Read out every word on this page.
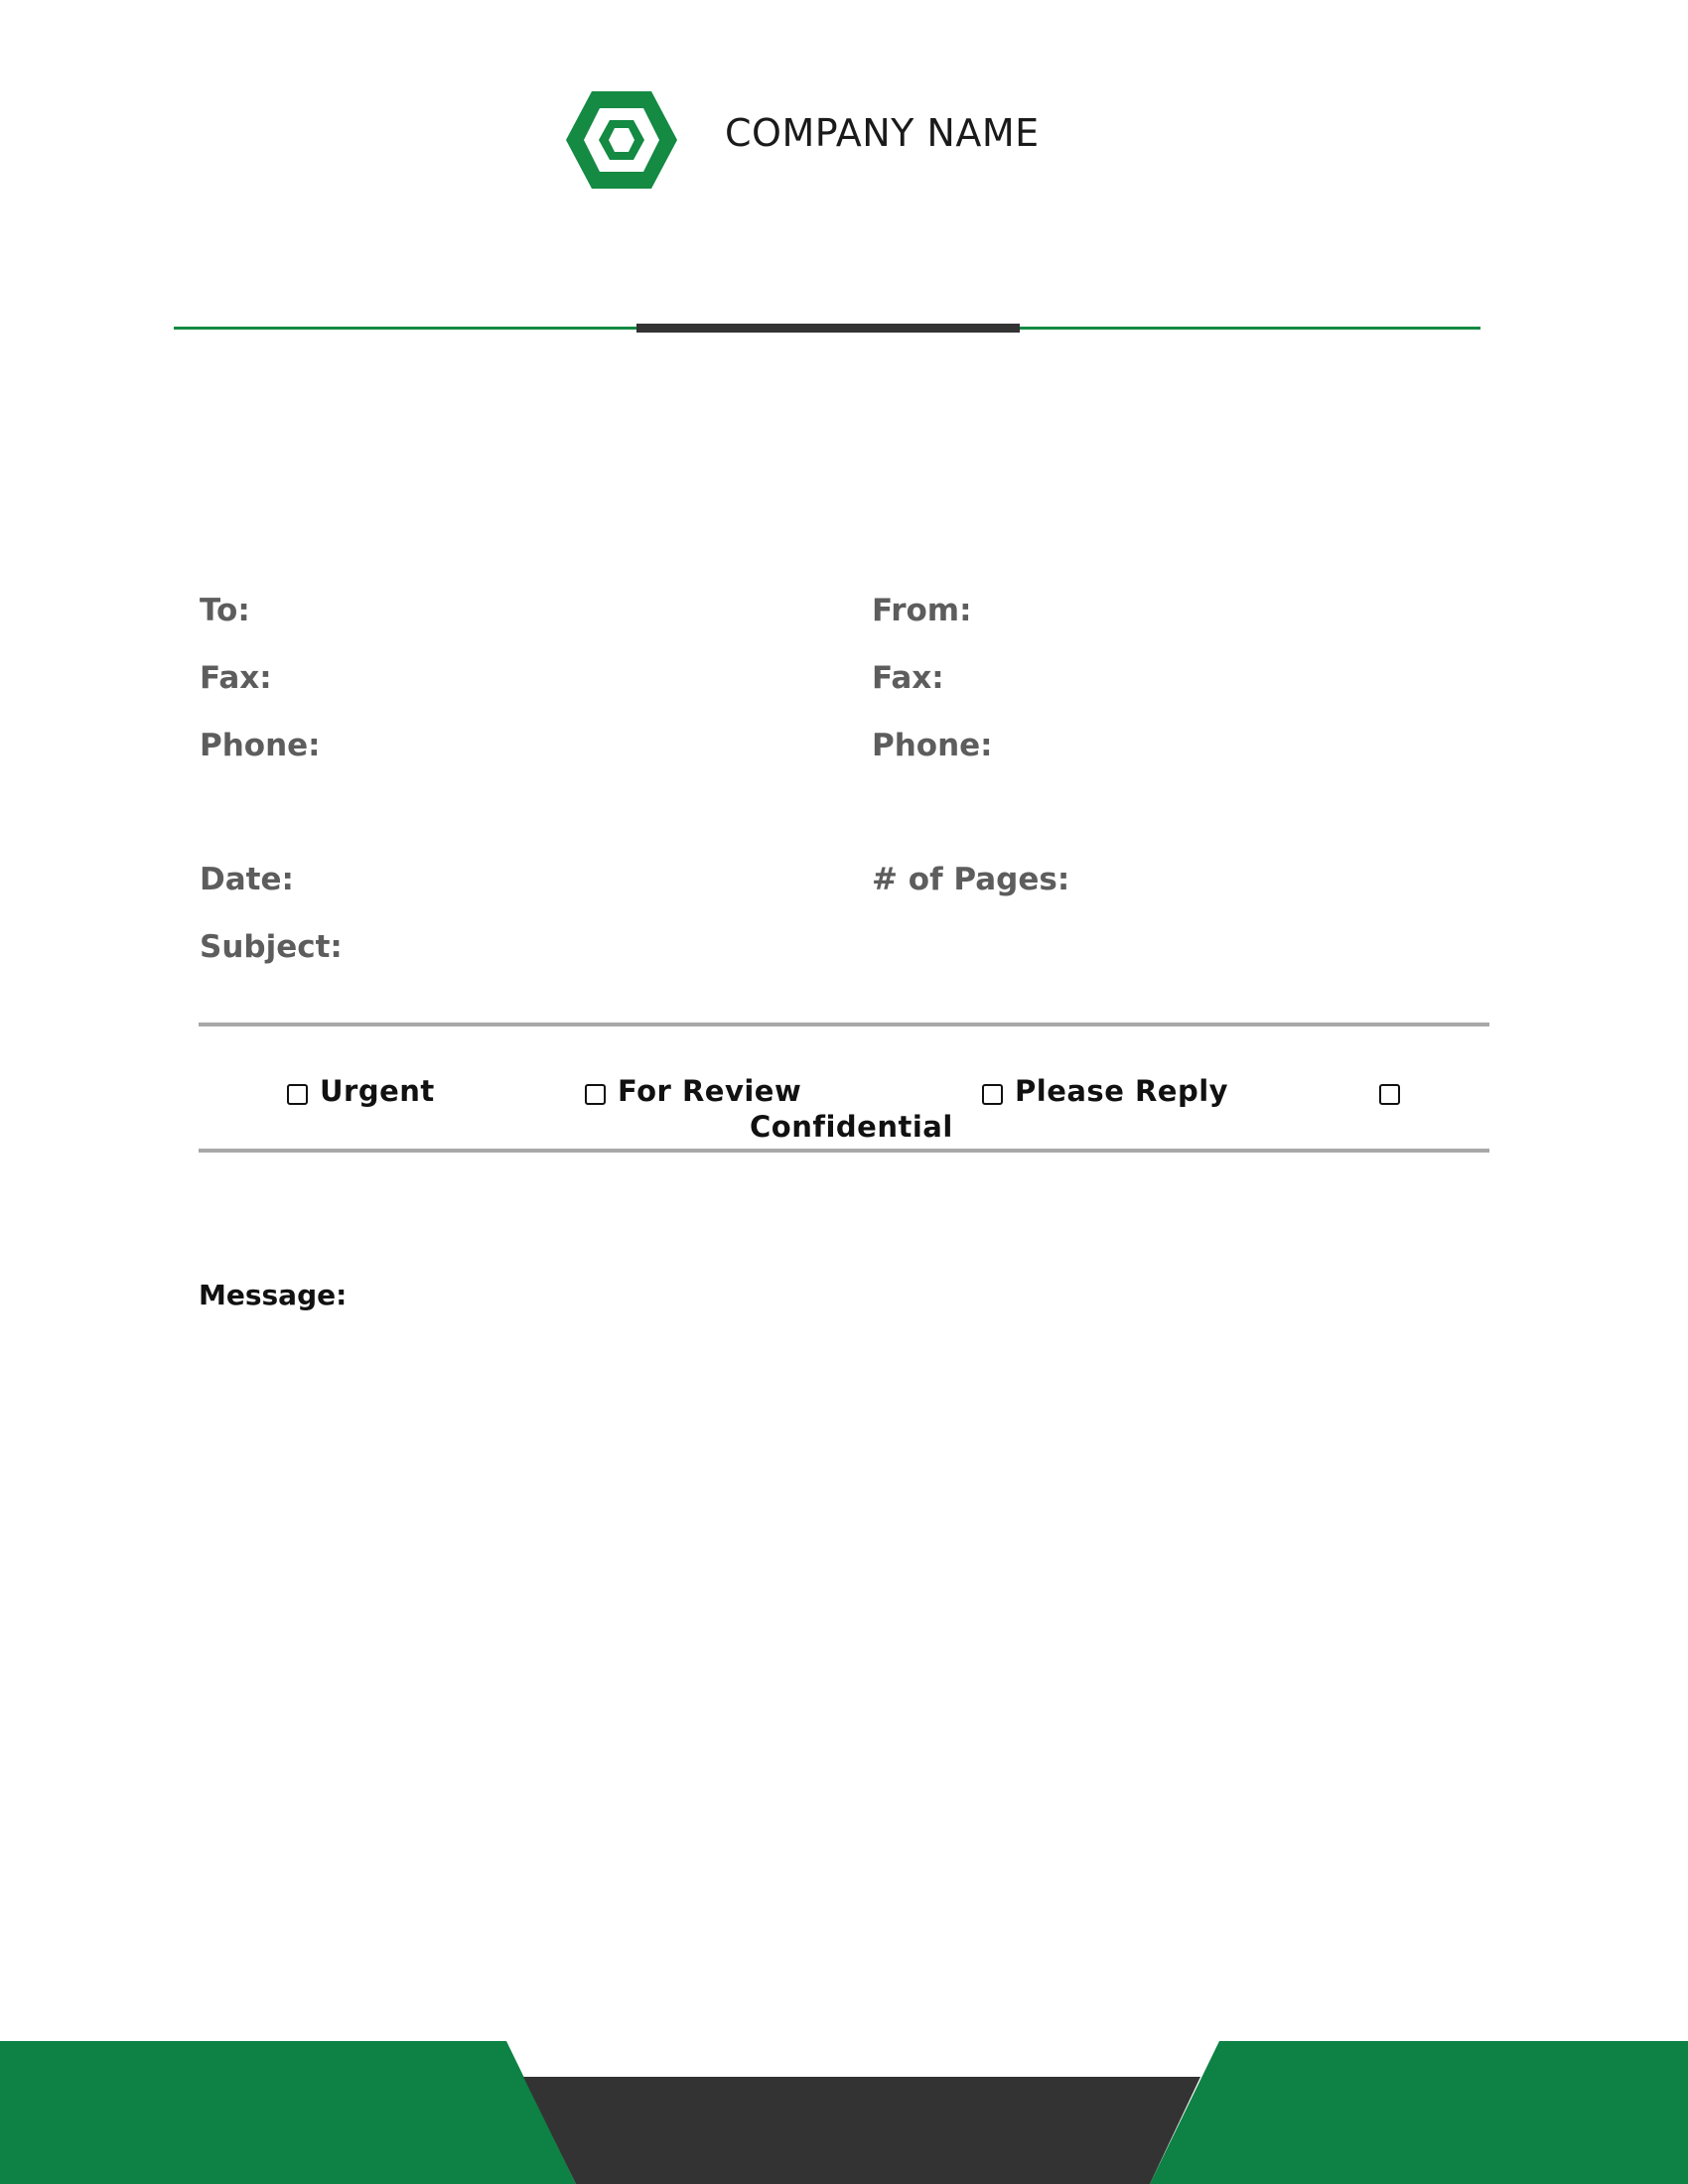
COMPANY NAME
To:	From:
Fax:	Fax:
Phone:	Phone:
Date:	# of Pages:
Subject:
Urgent	For Review	Please Reply
Confidential
Message:
